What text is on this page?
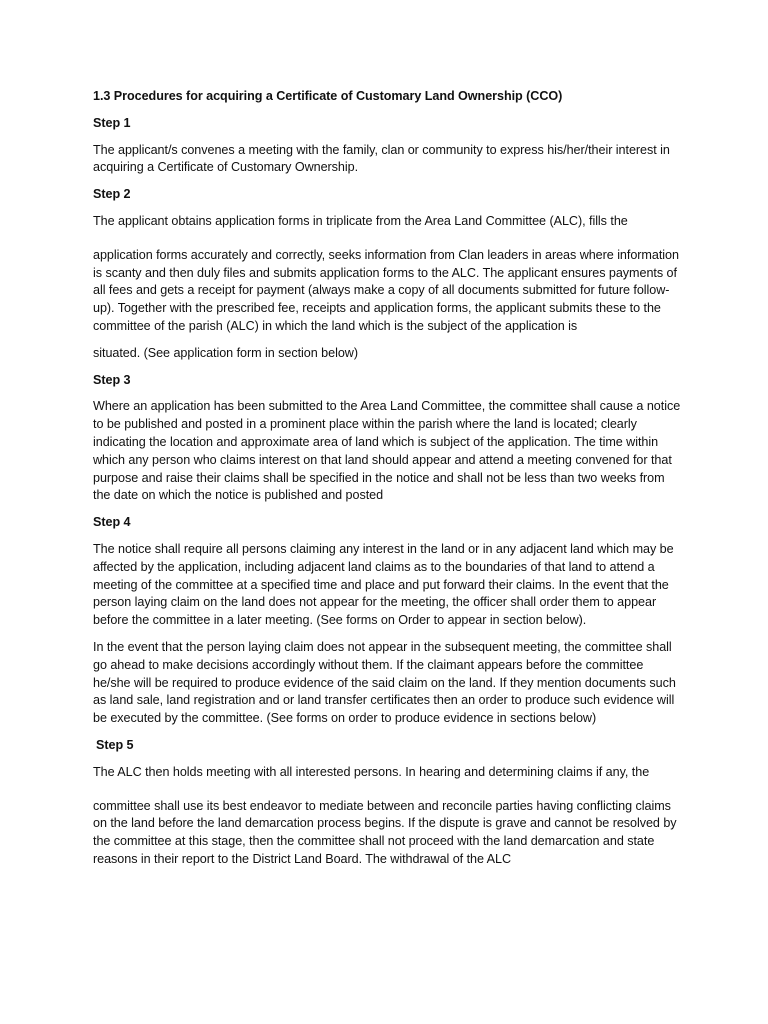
1.3 Procedures for acquiring a Certificate of Customary Land Ownership (CCO)

Step 1

The applicant/s convenes a meeting with the family, clan or community to express his/her/their interest in acquiring a Certificate of Customary Ownership.

Step 2

The applicant obtains application forms in triplicate from the Area Land Committee (ALC), fills the

application forms accurately and correctly, seeks information from Clan leaders in areas where information is scanty and then duly files and submits application forms to the ALC. The applicant ensures payments of all fees and gets a receipt for payment (always make a copy of all documents submitted for future follow-up). Together with the prescribed fee, receipts and application forms, the applicant submits these to the committee of the parish (ALC) in which the land which is the subject of the application is

situated. (See application form in section below)

Step 3

Where an application has been submitted to the Area Land Committee, the committee shall cause a notice to be published and posted in a prominent place within the parish where the land is located; clearly indicating the location and approximate area of land which is subject of the application. The time within which any person who claims interest on that land should appear and attend a meeting convened for that purpose and raise their claims shall be specified in the notice and shall not be less than two weeks from the date on which the notice is published and posted

Step 4

The notice shall require all persons claiming any interest in the land or in any adjacent land which may be affected by the application, including adjacent land claims as to the boundaries of that land to attend a meeting of the committee at a specified time and place and put forward their claims. In the event that the person laying claim on the land does not appear for the meeting, the officer shall order them to appear before the committee in a later meeting. (See forms on Order to appear in section below).

In the event that the person laying claim does not appear in the subsequent meeting, the committee shall go ahead to make decisions accordingly without them. If the claimant appears before the committee he/she will be required to produce evidence of the said claim on the land. If they mention documents such as land sale, land registration and or land transfer certificates then an order to produce such evidence will be executed by the committee. (See forms on order to produce evidence in sections below)

Step 5

The ALC then holds meeting with all interested persons. In hearing and determining claims if any, the

committee shall use its best endeavor to mediate between and reconcile parties having conflicting claims on the land before the land demarcation process begins. If the dispute is grave and cannot be resolved by the committee at this stage, then the committee shall not proceed with the land demarcation and state reasons in their report to the District Land Board. The withdrawal of the ALC
